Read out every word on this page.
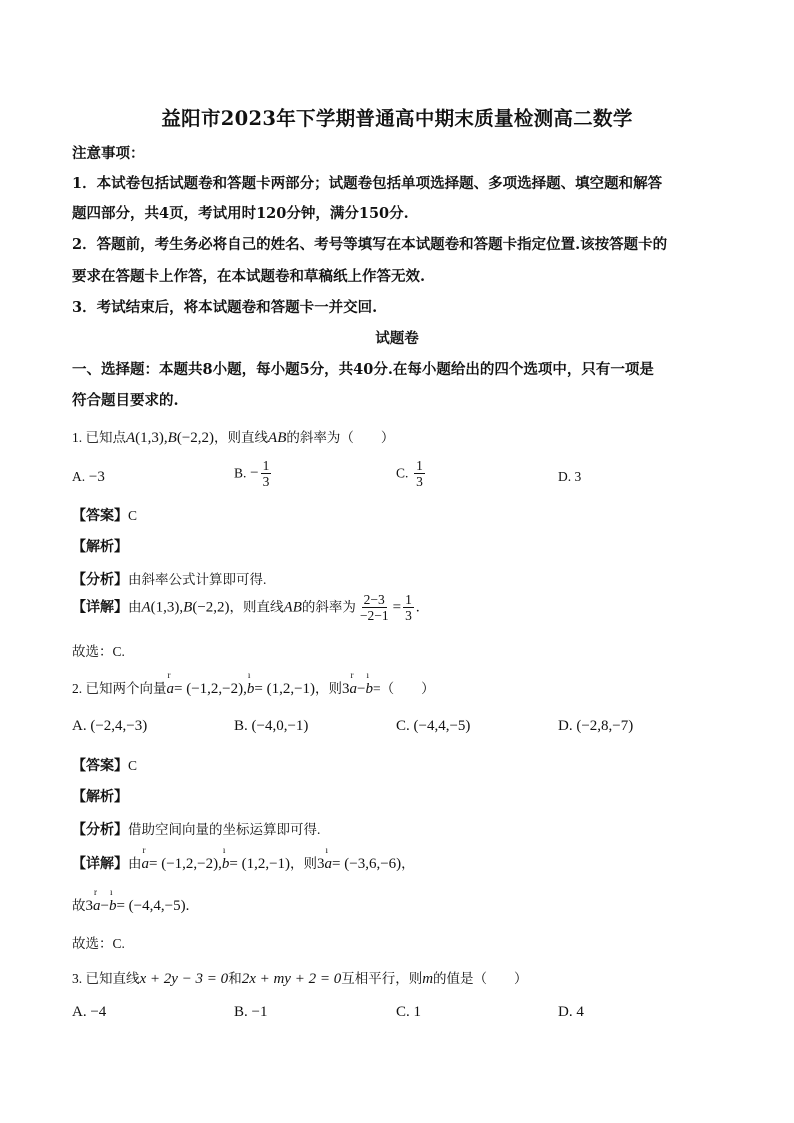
益阳市2023年下学期普通高中期末质量检测高二数学
注意事项：
1．本试卷包括试题卷和答题卡两部分；试题卷包括单项选择题、多项选择题、填空题和解答
题四部分，共4页，考试用时120分钟，满分150分.
2．答题前，考生务必将自己的姓名、考号等填写在本试题卷和答题卡指定位置.该按答题卡的
要求在答题卡上作答，在本试题卷和草稿纸上作答无效.
3．考试结束后，将本试题卷和答题卡一并交回.
试题卷
一、选择题：本题共8小题，每小题5分，共40分.在每小题给出的四个选项中，只有一项是
符合题目要求的.
1. 已知点A(1,3),B(−2,2)，则直线AB的斜率为（　　）
A. −3	B. − $\frac{1}{3}$	C. $\frac{1}{3}$	D. 3
【答案】C
【解析】
【分析】由斜率公式计算即可得.
【详解】由A(1,3),B(−2,2)，则直线AB的斜率为 $\frac{2-3}{-2-1} = \frac{1}{3}$ .
故选：C.
2. 已知两个向量a
r
= (−1,2,−2),b
ı
= (1,2,−1)，则3a
r
−b
ı
=（　　）
A. (−2,4,−3)	B. (−4,0,−1)	C. (−4,4,−5)	D. (−2,8,−7)
【答案】C
【解析】
【分析】借助空间向量的坐标运算即可得.
【详解】由a
r
= (−1,2,−2),b
ı
= (1,2,−1)，则3a
ı
= (−3,6,−6)，
故3a
r
−b
ı
= (−4,4,−5).
故选：C.
3. 已知直线x + 2y − 3 = 0和2x + my + 2 = 0互相平行，则m的值是（　　）
A. −4	B. −1	C. 1	D. 4
